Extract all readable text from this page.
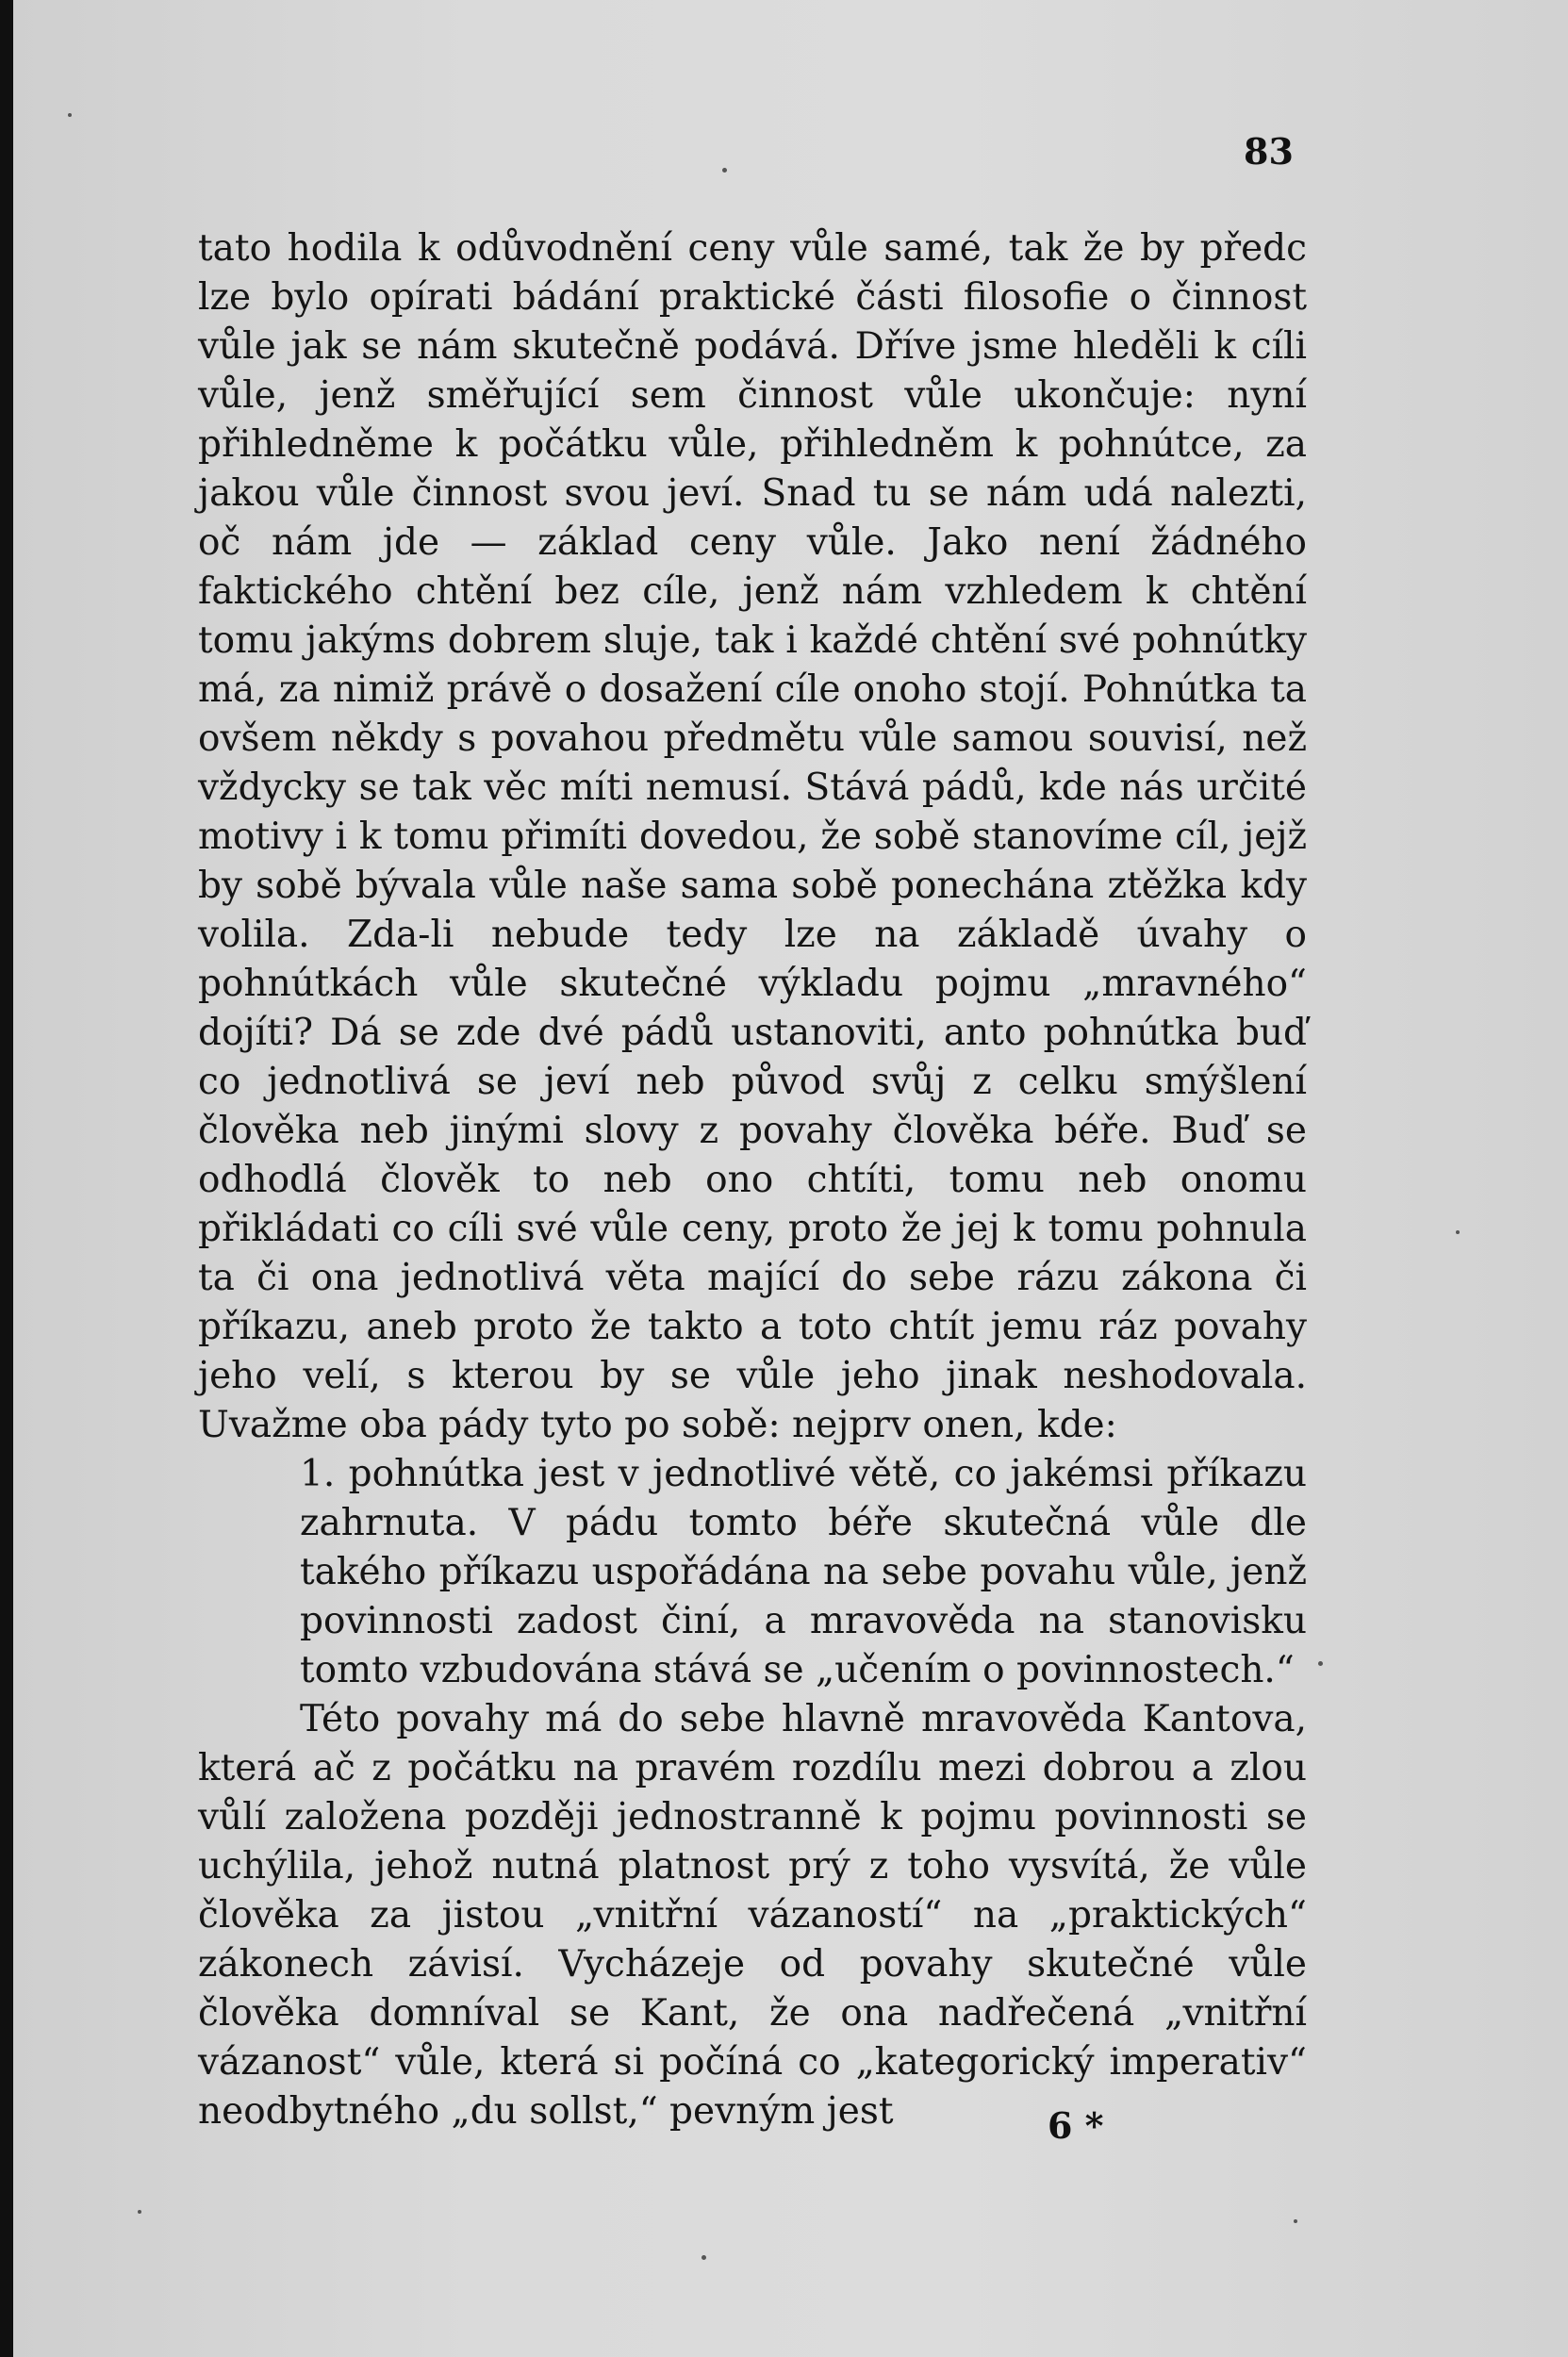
83

tato hodila k odůvodnění ceny vůle samé, tak že by předc lze bylo opírati bádání praktické části filosofie o činnost vůle jak se nám skutečně podává. Dříve jsme hleděli k cíli vůle, jenž směřující sem činnost vůle ukončuje: nyní přihledněme k počátku vůle, přihledněm k pohnútce, za jakou vůle činnost svou jeví. Snad tu se nám udá nalezti, oč nám jde — základ ceny vůle. Jako není žádného faktického chtění bez cíle, jenž nám vzhledem k chtění tomu jakýms dobrem sluje, tak i každé chtění své pohnútky má, za nimiž právě o dosažení cíle onoho stojí. Pohnútka ta ovšem někdy s povahou předmětu vůle samou souvisí, než vždycky se tak věc míti nemusí. Stává pádů, kde nás určité motivy i k tomu přimíti dovedou, že sobě stanovíme cíl, jejž by sobě bývala vůle naše sama sobě ponechána ztěžka kdy volila. Zda-li nebude tedy lze na základě úvahy o pohnútkách vůle skutečné výkladu pojmu „mravného“ dojíti? Dá se zde dvé pádů ustanoviti, anto pohnútka buď co jednotlivá se jeví neb původ svůj z celku smýšlení člověka neb jinými slovy z povahy člověka béře. Buď se odhodlá člověk to neb ono chtíti, tomu neb onomu přikládati co cíli své vůle ceny, proto že jej k tomu pohnula ta či ona jednotlivá věta mající do sebe rázu zákona či příkazu, aneb proto že takto a toto chtít jemu ráz povahy jeho velí, s kterou by se vůle jeho jinak neshodovala. Uvažme oba pády tyto po sobě: nejprv onen, kde:

1. pohnútka jest v jednotlivé větě, co jakémsi příkazu zahrnuta. V pádu tomto béře skutečná vůle dle takého příkazu uspořádána na sebe povahu vůle, jenž povinnosti zadost činí, a mravověda na stanovisku tomto vzbudována stává se „učením o povinnostech.“

Této povahy má do sebe hlavně mravověda Kantova, která ač z počátku na pravém rozdílu mezi dobrou a zlou vůlí založena později jednostranně k pojmu povinnosti se uchýlila, jehož nutná platnost prý z toho vysvítá, že vůle člověka za jistou „vnitřní vázaností“ na „praktických“ zákonech závisí. Vycházeje od povahy skutečné vůle člověka domníval se Kant, že ona nadřečená „vnitřní vázanost“ vůle, která si počíná co „kategorický imperativ“ neodbytného „du sollst,“ pevným jest	6 *
